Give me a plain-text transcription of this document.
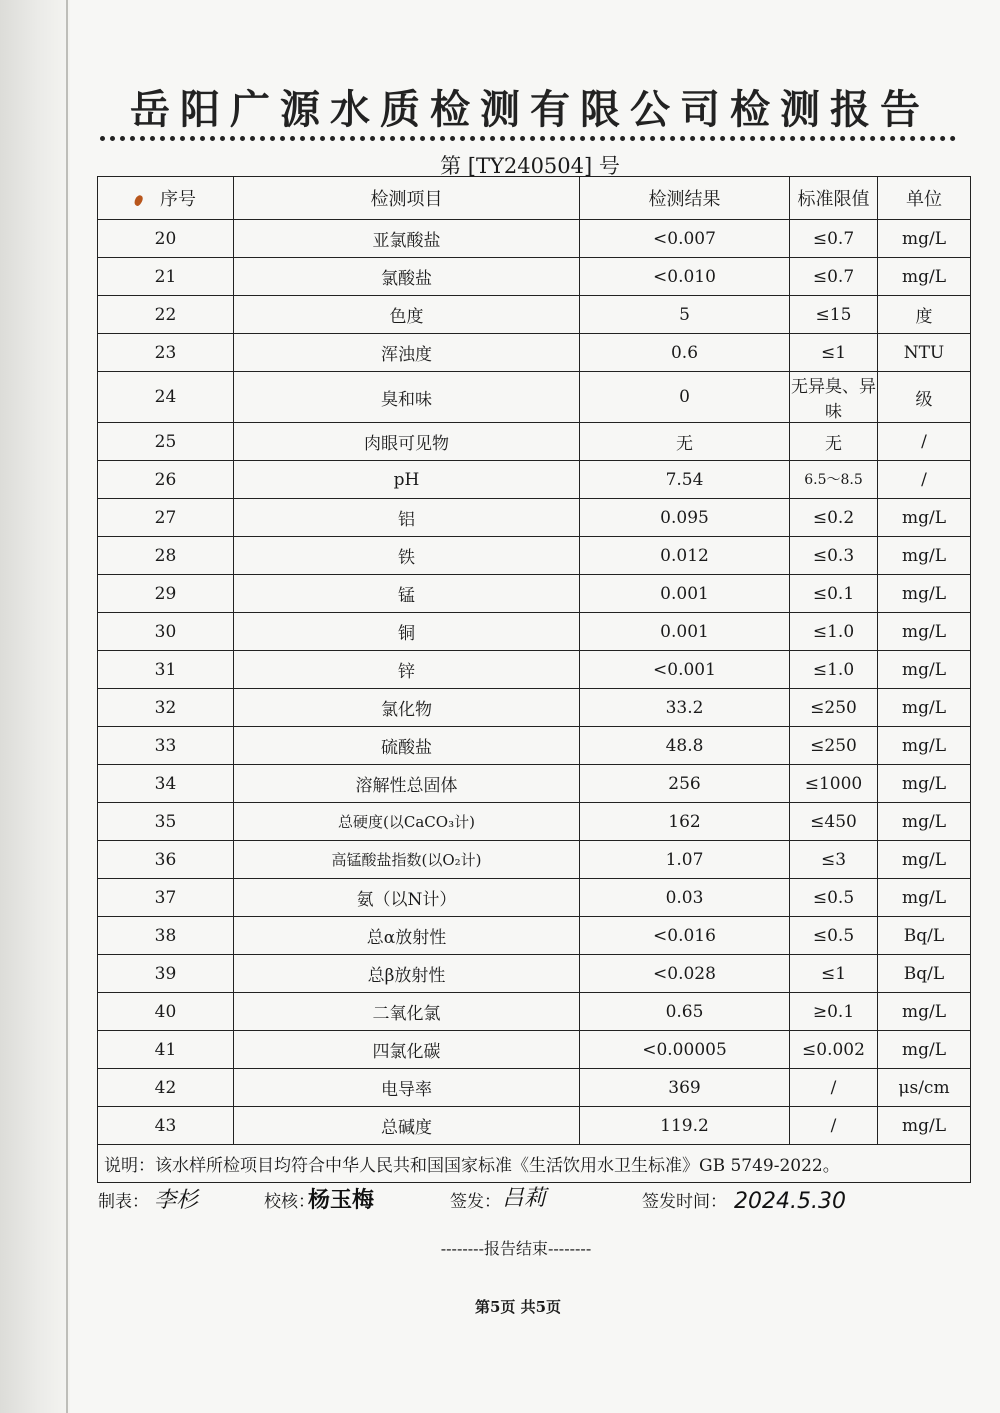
岳阳广源水质检测有限公司检测报告
第 [TY240504] 号
序号	检测项目	检测结果	标准限值	单位
20	亚氯酸盐	<0.007	≤0.7	mg/L
21	氯酸盐	<0.010	≤0.7	mg/L
22	色度	5	≤15	度
23	浑浊度	0.6	≤1	NTU
24	臭和味	0	无异臭、异味	级
25	肉眼可见物	无	无	/
26	pH	7.54	6.5～8.5	/
27	铝	0.095	≤0.2	mg/L
28	铁	0.012	≤0.3	mg/L
29	锰	0.001	≤0.1	mg/L
30	铜	0.001	≤1.0	mg/L
31	锌	<0.001	≤1.0	mg/L
32	氯化物	33.2	≤250	mg/L
33	硫酸盐	48.8	≤250	mg/L
34	溶解性总固体	256	≤1000	mg/L
35	总硬度(以CaCO₃计)	162	≤450	mg/L
36	高锰酸盐指数(以O₂计)	1.07	≤3	mg/L
37	氨（以N计）	0.03	≤0.5	mg/L
38	总α放射性	<0.016	≤0.5	Bq/L
39	总β放射性	<0.028	≤1	Bq/L
40	二氧化氯	0.65	≥0.1	mg/L
41	四氯化碳	<0.00005	≤0.002	mg/L
42	电导率	369	/	μs/cm
43	总碱度	119.2	/	mg/L
说明：该水样所检项目均符合中华人民共和国国家标准《生活饮用水卫生标准》GB 5749-2022。				
制表： 李杉	校核：
杨玉梅	签发： 吕莉	签发时间： 2024.5.30
--------报告结束--------
第5页 共5页
